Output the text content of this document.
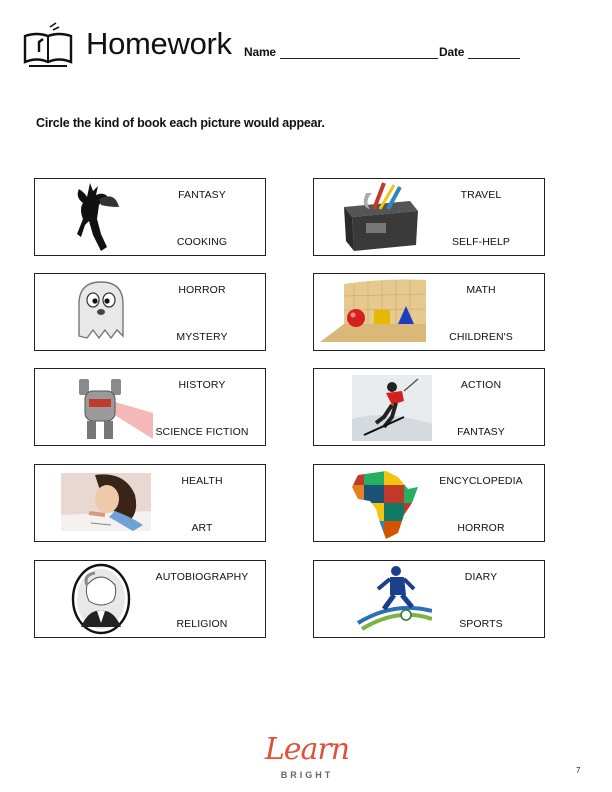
Homework Name	Date
Circle the kind of book each picture would appear.
FANTASY
COOKING
TRAVEL
SELF-HELP
HORROR
MYSTERY
MATH
CHILDREN'S
HISTORY
SCIENCE FICTION
ACTION
FANTASY
HEALTH
ART
ENCYCLOPEDIA
HORROR
AUTOBIOGRAPHY
RELIGION
DIARY
SPORTS
Learn
BRIGHT	7
